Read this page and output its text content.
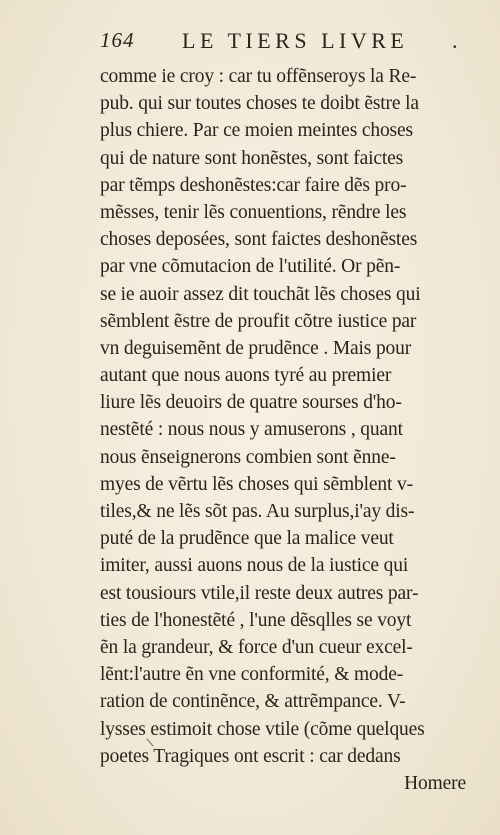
164 LE TIERS LIVRE .
comme ie croy : car tu offẽnseroys la Re-
pub. qui sur toutes choses te doibt ẽstre la
plus chiere. Par ce moien meintes choses
qui de nature sont honẽstes, sont faictes
par tẽmps deshonẽstes:car faire dẽs pro-
mẽsses, tenir lẽs conuentions, rẽndre les
choses deposées, sont faictes deshonẽstes
par vne cõmutacion de l'utilité. Or pẽn-
se ie auoir assez dit touchãt lẽs choses qui
sẽmblent ẽstre de proufit cõtre iustice par
vn deguisemẽnt de prudẽnce . Mais pour
autant que nous auons tyré au premier
liure lẽs deuoirs de quatre sourses d'ho-
nestẽté : nous nous y amuserons , quant
nous ẽnseignerons combien sont ẽnne-
myes de vẽrtu lẽs choses qui sẽmblent v-
tiles,& ne lẽs sõt pas. Au surplus,i'ay dis-
puté de la prudẽnce que la malice veut
imiter, aussi auons nous de la iustice qui
est tousiours vtile,il reste deux autres par-
ties de l'honestẽté , l'une dẽsqlles se voyt
ẽn la grandeur, & force d'un cueur excel-
lẽnt:l'autre ẽn vne conformité, & mode-
ration de continẽnce, & attrẽmpance. V-
lysses estimoit chose vtile (cõme quelques
poetes Tragiques ont escrit : car dedans
Homere
